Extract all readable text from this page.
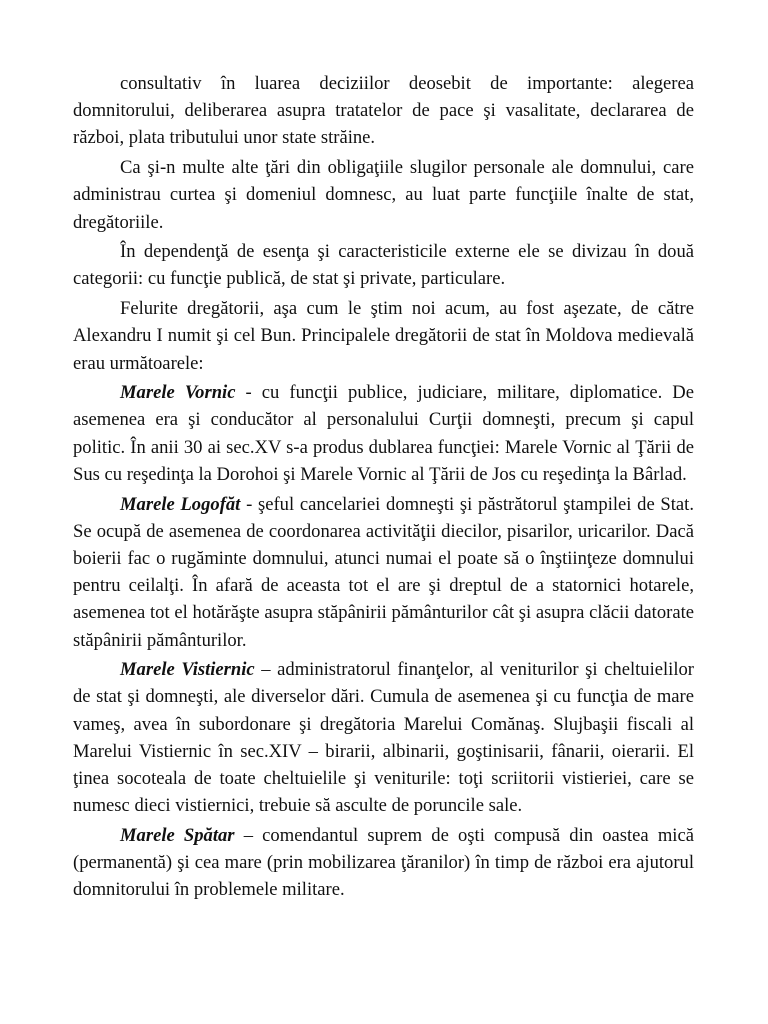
consultativ în luarea deciziilor deosebit de importante: alegerea domnitorului, deliberarea asupra tratatelor de pace şi vasalitate, declararea de război, plata tributului unor state străine.

Ca şi-n multe alte ţări din obligaţiile slugilor personale ale domnului, care administrau curtea şi domeniul domnesc, au luat parte funcţiile înalte de stat, dregătoriile.

În dependenţă de esenţa şi caracteristicile externe ele se divizau în două categorii: cu funcţie publică, de stat şi private, particulare.

Felurite dregătorii, aşa cum le ştim noi acum, au fost aşezate, de către Alexandru I numit şi cel Bun. Principalele dregătorii de stat în Moldova medievală erau următoarele:

Marele Vornic - cu funcţii publice, judiciare, militare, diplomatice. De asemenea era şi conducător al personalului Curţii domneşti, precum şi capul politic. În anii 30 ai sec.XV s-a produs dublarea funcţiei: Marele Vornic al Ţării de Sus cu reşedinţa la Dorohoi şi Marele Vornic al Ţării de Jos cu reşedinţa la Bârlad.

Marele Logofăt - şeful cancelariei domneşti şi păstrătorul ştampilei de Stat. Se ocupă de asemenea de coordonarea activităţii diecilor, pisarilor, uricarilor. Dacă boierii fac o rugăminte domnului, atunci numai el poate să o înştiinţeze domnului pentru ceilalţi. În afară de aceasta tot el are şi dreptul de a statornici hotarele, asemenea tot el hotărăşte asupra stăpânirii pământurilor cât şi asupra clăcii datorate stăpânirii pământurilor.

Marele Vistiernic – administratorul finanţelor, al veniturilor şi cheltuielilor de stat şi domneşti, ale diverselor dări. Cumula de asemenea şi cu funcţia de mare vameş, avea în subordonare şi dregătoria Marelui Comănaş. Slujbaşii fiscali al Marelui Vistiernic în sec.XIV – birarii, albinarii, goştinisarii, fânarii, oierarii. El ţinea socoteala de toate cheltuielile şi veniturile: toţi scriitorii vistieriei, care se numesc dieci vistiernici, trebuie să asculte de poruncile sale.

Marele Spătar – comendantul suprem de oşti compusă din oastea mică (permanentă) şi cea mare (prin mobilizarea ţăranilor) în timp de război era ajutorul domnitorului în problemele militare.
